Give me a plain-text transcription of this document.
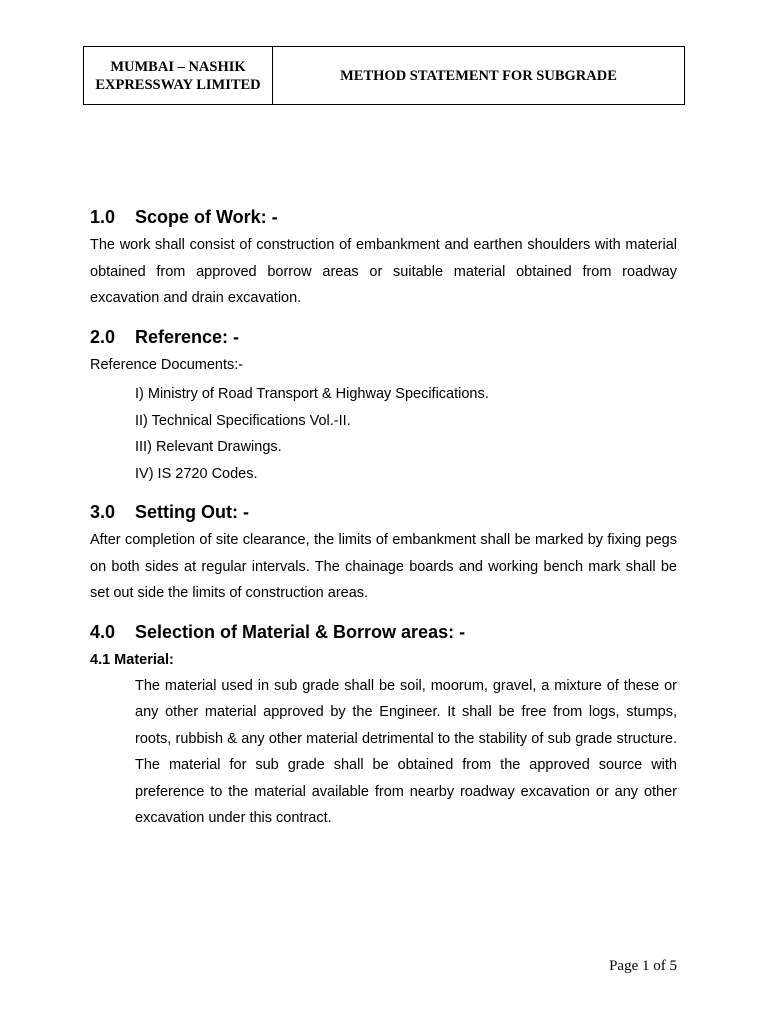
MUMBAI – NASHIK
EXPRESSWAY LIMITED	METHOD STATEMENT FOR SUBGRADE
1.0 Scope of Work: -

The work shall consist of construction of embankment and earthen shoulders with material obtained from approved borrow areas or suitable material obtained from roadway excavation and drain excavation.

2.0 Reference: -

Reference Documents:-

I) Ministry of Road Transport & Highway Specifications.
II) Technical Specifications Vol.-II.
III) Relevant Drawings.
IV) IS 2720 Codes.
3.0 Setting Out: -

After completion of site clearance, the limits of embankment shall be marked by fixing pegs on both sides at regular intervals. The chainage boards and working bench mark shall be set out side the limits of construction areas.

4.0 Selection of Material & Borrow areas: -
4.1 Material:

The material used in sub grade shall be soil, moorum, gravel, a mixture of these or any other material approved by the Engineer. It shall be free from logs, stumps, roots, rubbish & any other material detrimental to the stability of sub grade structure. The material for sub grade shall be obtained from the approved source with preference to the material available from nearby roadway excavation or any other excavation under this contract.

Page 1 of 5
